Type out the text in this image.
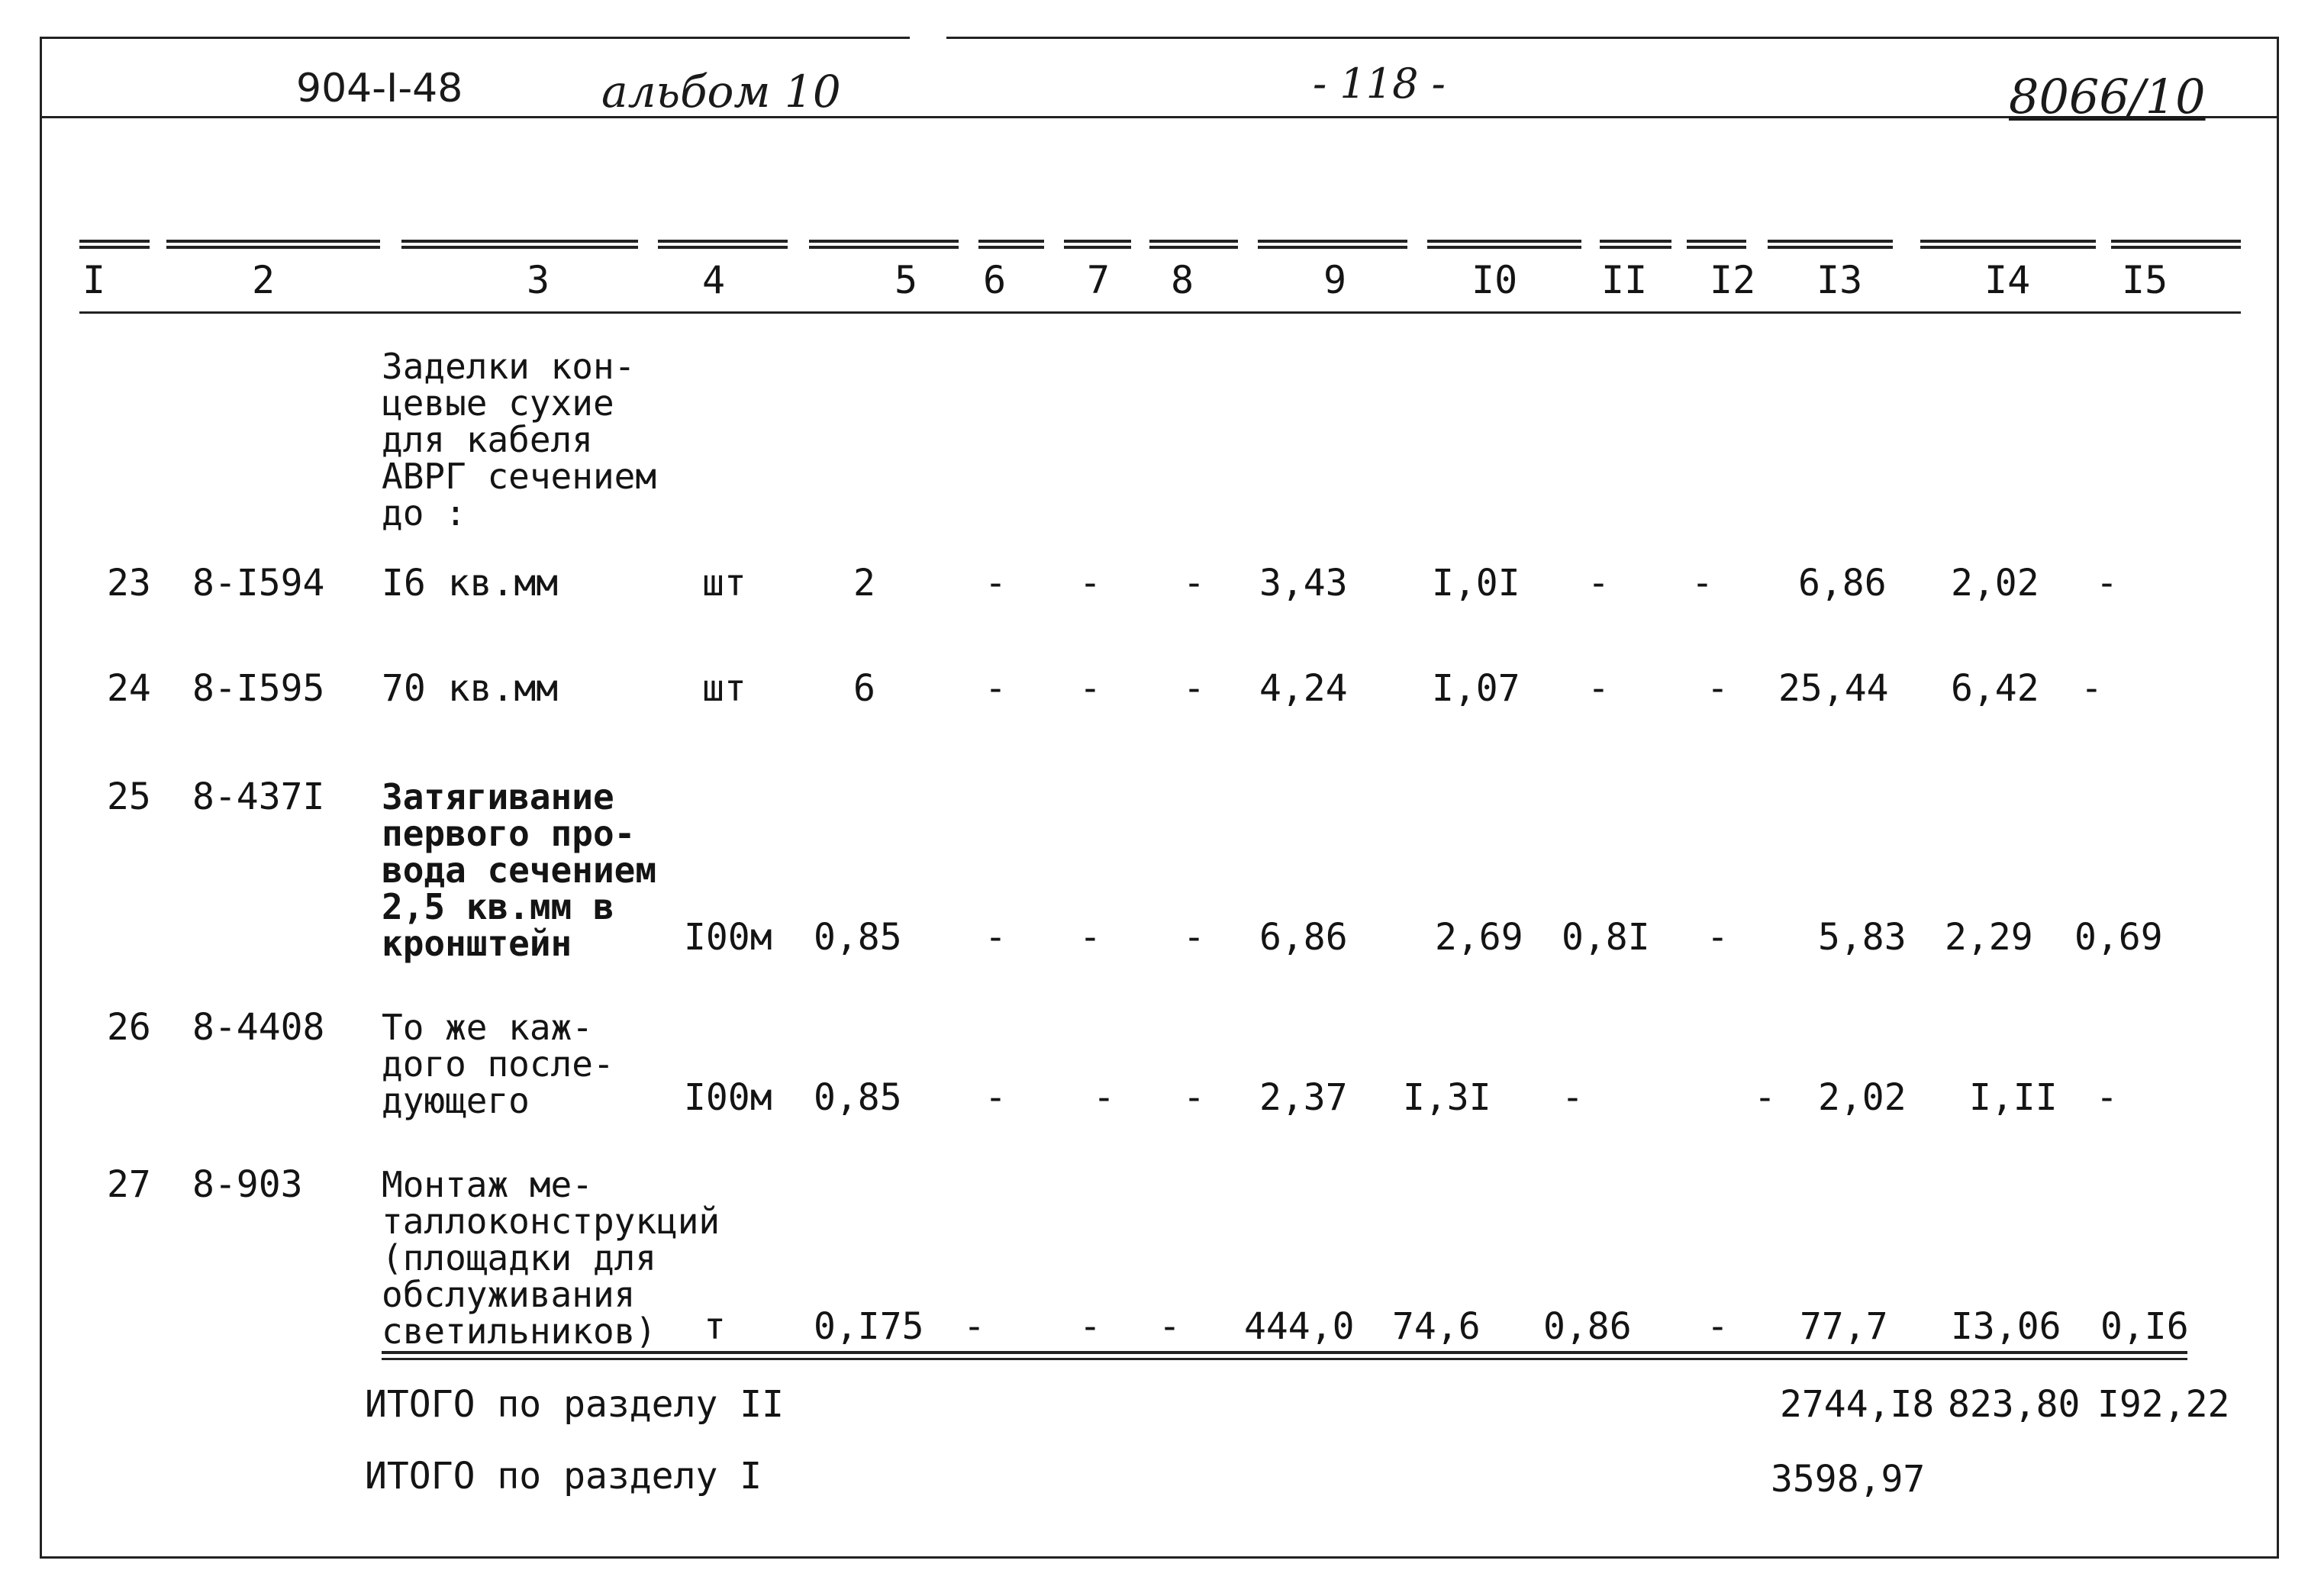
904-I-48	альбом 10	- 118 -	8066/10
I	2	3	4	5 6 7 8	9	I0 II I2 I3	I4 I5
Заделки кон-
цевые сухие
для кабеля
АВРГ сечением
до :
23 8-I594 I6 кв.мм	шт	2	- - - 3,43 I,0I - - 6,86 2,02 -
24 8-I595 70 кв.мм	шт	6	- - - 4,24 I,07 -	- 25,44 6,42 -
25 8-437I Затягивание
первого про-
вода сечением
2,5 кв.мм в
кронштейн	I00м 0,85 - - - 6,86 2,69 0,8I - 5,83 2,29 0,69
26 8-4408 То же каж-
дого после-
дующего	I00м 0,85 - - - 2,37 I,3I -	- 2,02 I,II -
27 8-903 Монтаж ме-
таллоконструкций
(площадки для
обслуживания
светильников)	т 0,I75 -	- - 444,0 74,6 0,86 - 77,7 I3,06 0,I6
ИТОГО по разделу II	2744,I8 823,80 I92,22
ИТОГО по разделу I	3598,97
